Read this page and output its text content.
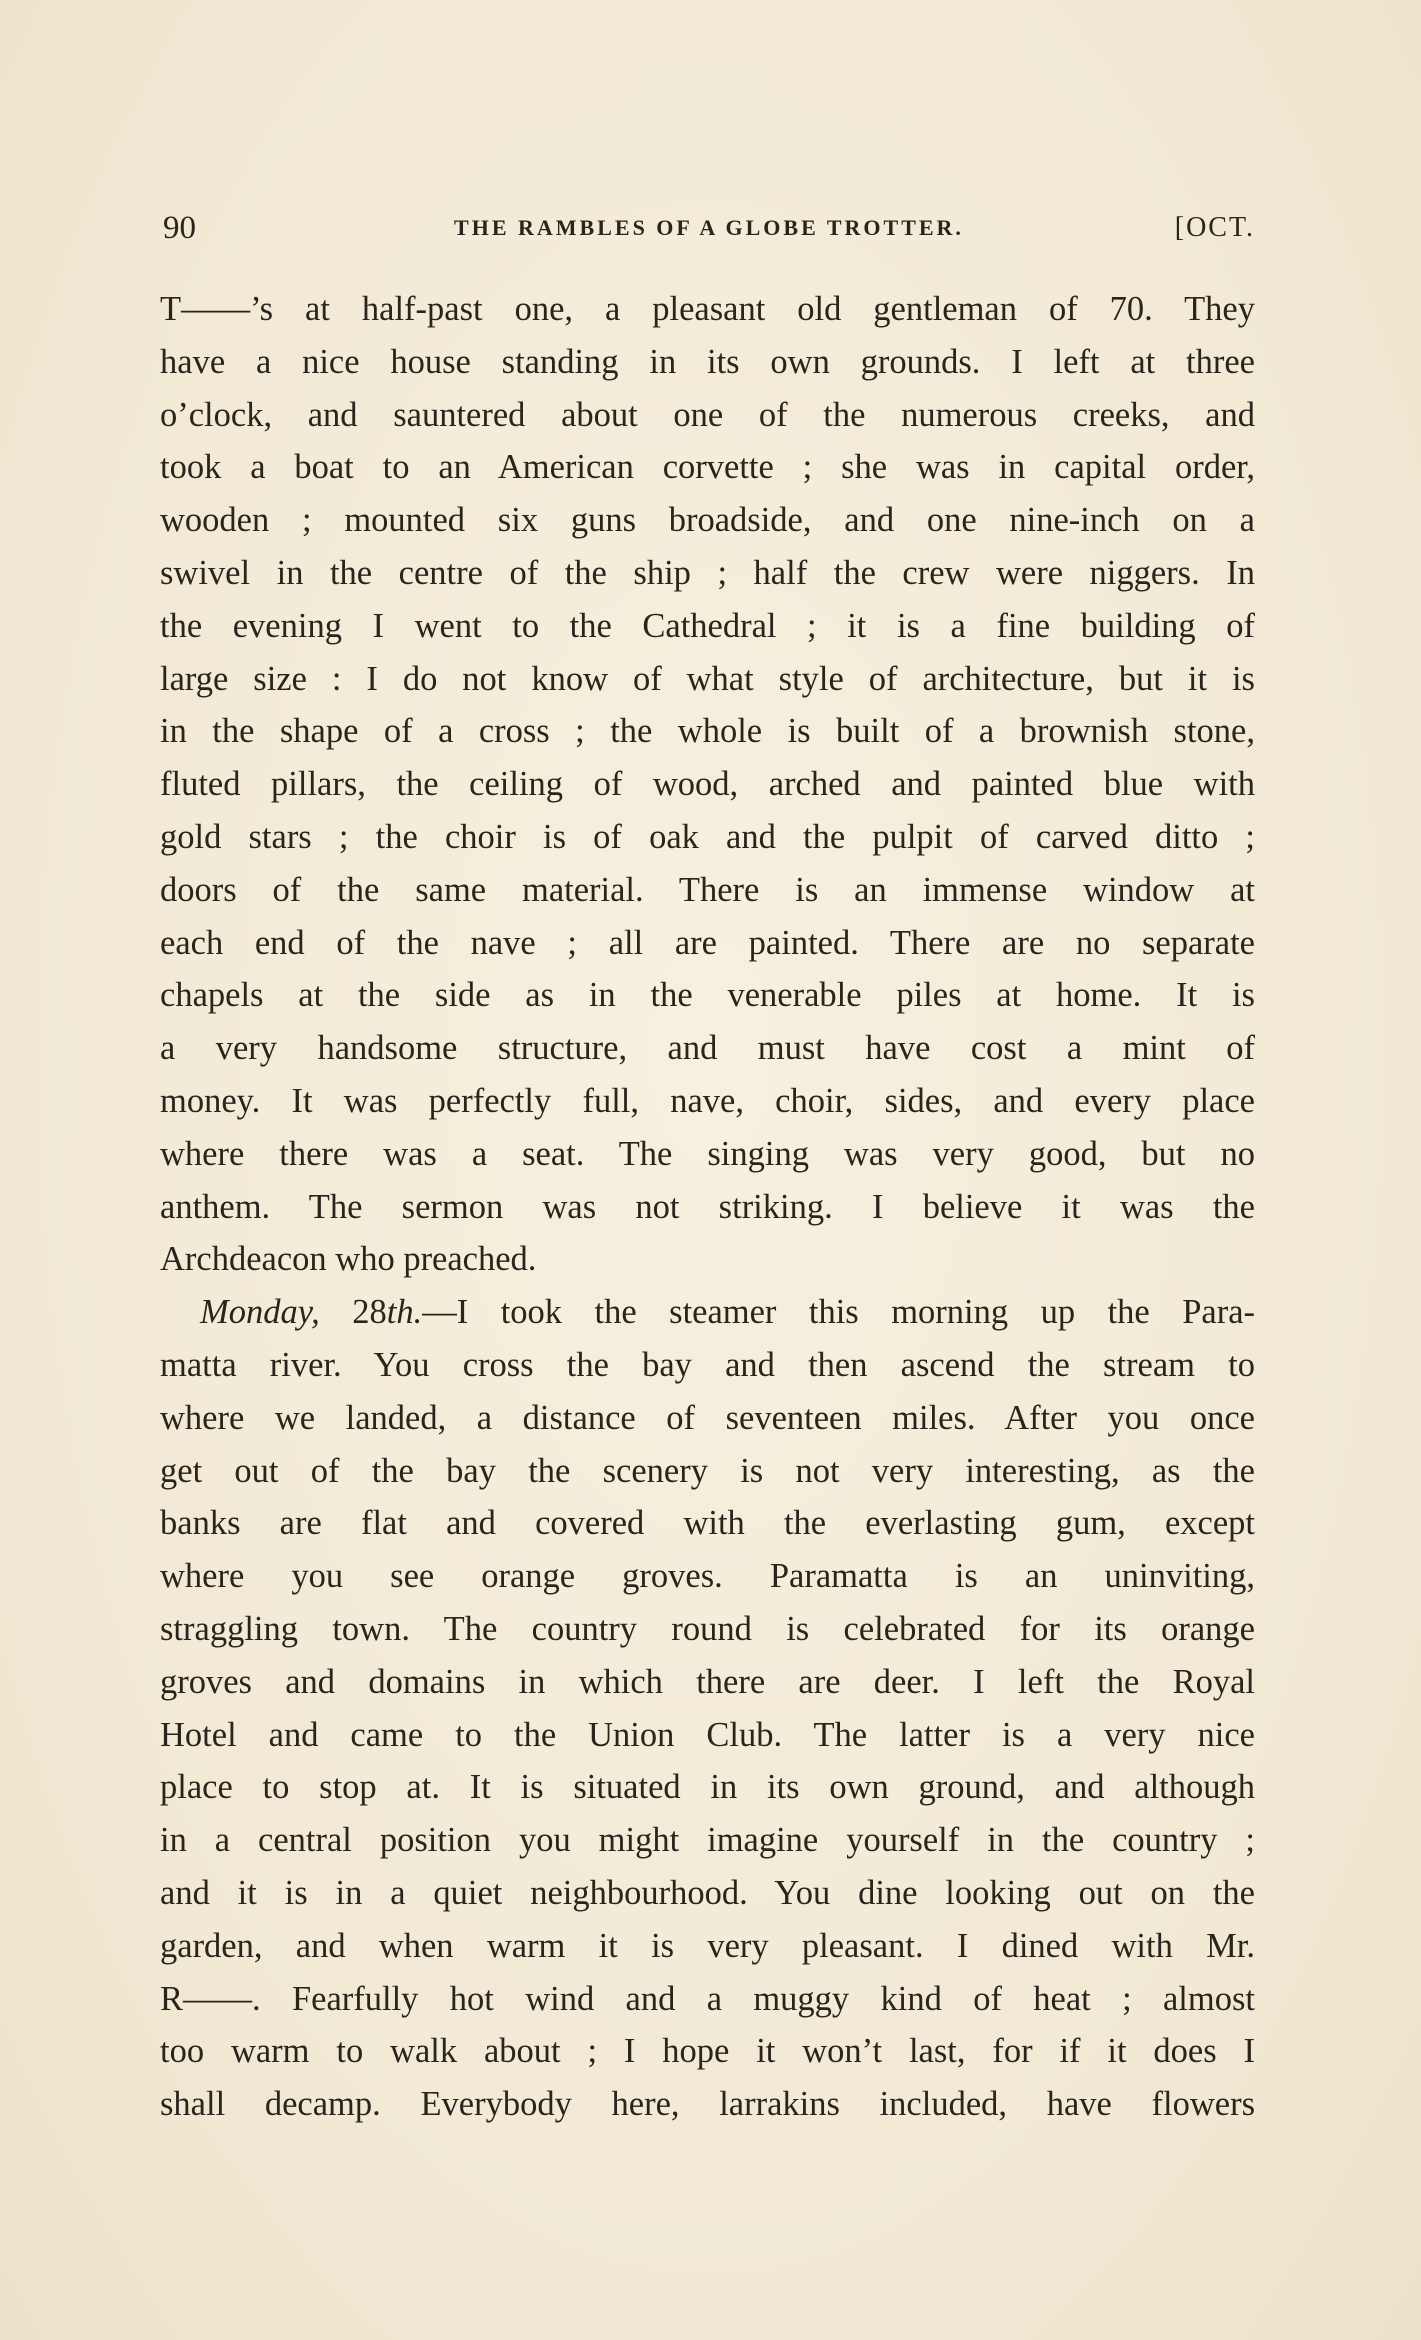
90	THE RAMBLES OF A GLOBE TROTTER.	[OCT.
T——’s at half-past one, a pleasant old gentleman of 70. They
have a nice house standing in its own grounds. I left at three
o’clock, and sauntered about one of the numerous creeks, and
took a boat to an American corvette ; she was in capital order,
wooden ; mounted six guns broadside, and one nine-inch on a
swivel in the centre of the ship ; half the crew were niggers. In
the evening I went to the Cathedral ; it is a fine building of
large size : I do not know of what style of architecture, but it is
in the shape of a cross ; the whole is built of a brownish stone,
fluted pillars, the ceiling of wood, arched and painted blue with
gold stars ; the choir is of oak and the pulpit of carved ditto ;
doors of the same material. There is an immense window at
each end of the nave ; all are painted. There are no separate
chapels at the side as in the venerable piles at home. It is
a very handsome structure, and must have cost a mint of
money. It was perfectly full, nave, choir, sides, and every place
where there was a seat. The singing was very good, but no
anthem. The sermon was not striking. I believe it was the
Archdeacon who preached.
Monday, 28th.—I took the steamer this morning up the Para-
matta river. You cross the bay and then ascend the stream to
where we landed, a distance of seventeen miles. After you once
get out of the bay the scenery is not very interesting, as the
banks are flat and covered with the everlasting gum, except
where you see orange groves. Paramatta is an uninviting,
straggling town. The country round is celebrated for its orange
groves and domains in which there are deer. I left the Royal
Hotel and came to the Union Club. The latter is a very nice
place to stop at. It is situated in its own ground, and although
in a central position you might imagine yourself in the country ;
and it is in a quiet neighbourhood. You dine looking out on the
garden, and when warm it is very pleasant. I dined with Mr.
R——. Fearfully hot wind and a muggy kind of heat ; almost
too warm to walk about ; I hope it won’t last, for if it does I
shall decamp. Everybody here, larrakins included, have flowers
